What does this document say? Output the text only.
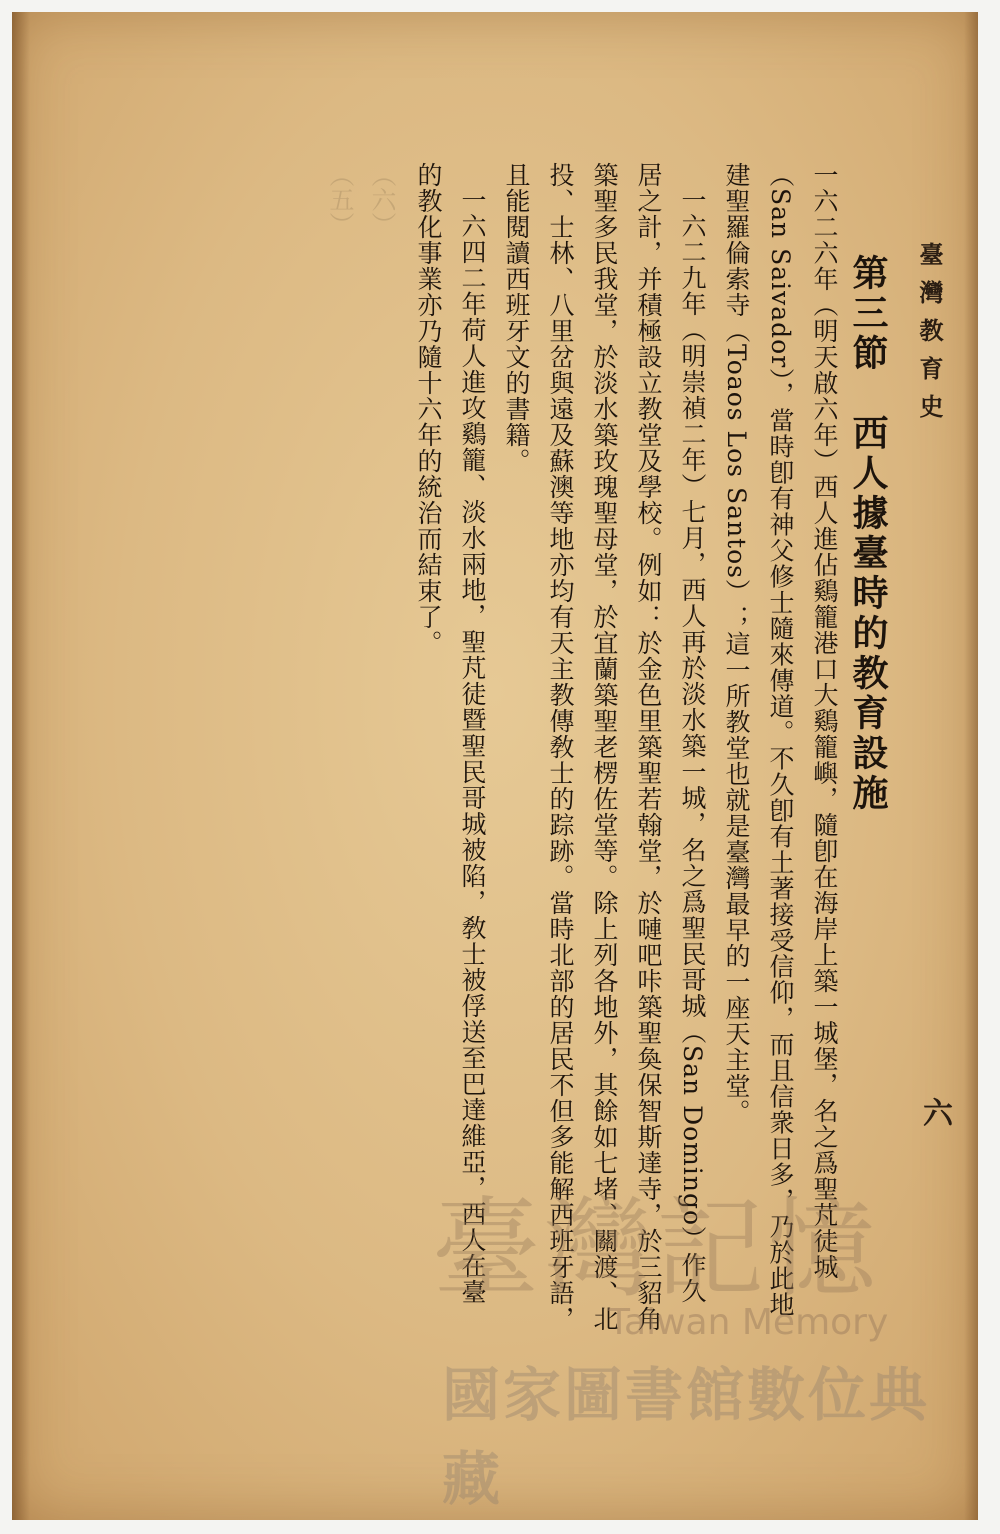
（六）　　　　　　　　　　　　　　　　
（五）　　　　　　　　　　　　　　　　	臺灣教育史
六
第三節　西人據臺時的教育設施
一六二六年（明天啟六年）西人進佔鷄籠港口大鷄籠嶼，隨卽在海岸上築一城堡，名之爲聖芃徒城
（San Saivador），當時卽有神父修士隨來傳道。不久卽有土著接受信仰，而且信衆日多，乃於此地
建聖羅倫索寺（Toaos Los Santos）；這一所教堂也就是臺灣最早的一座天主堂。
一六二九年（明崇禎二年）七月，西人再於淡水築一城，名之爲聖民哥城（San Domingo）作久
居之計，并積極設立教堂及學校。例如：於金色里築聖若翰堂，於嗹吧咔築聖奐保智斯達寺，於三貂角
築聖多民我堂，於淡水築玫瑰聖母堂，於宜蘭築聖老楞佐堂等。除上列各地外，其餘如七堵、關渡、北
投、士林、八里岔與遠及蘇澳等地亦均有天主教傳敎士的踪跡。當時北部的居民不但多能解西班牙語，
且能閱讀西班牙文的書籍。
一六四二年荷人進攻鷄籠、淡水兩地，聖芃徒暨聖民哥城被陷，敎士被俘送至巴達維亞，西人在臺
的教化事業亦乃隨十六年的統治而結束了。
臺灣記憶
Taiwan Memory
國家圖書館數位典藏
